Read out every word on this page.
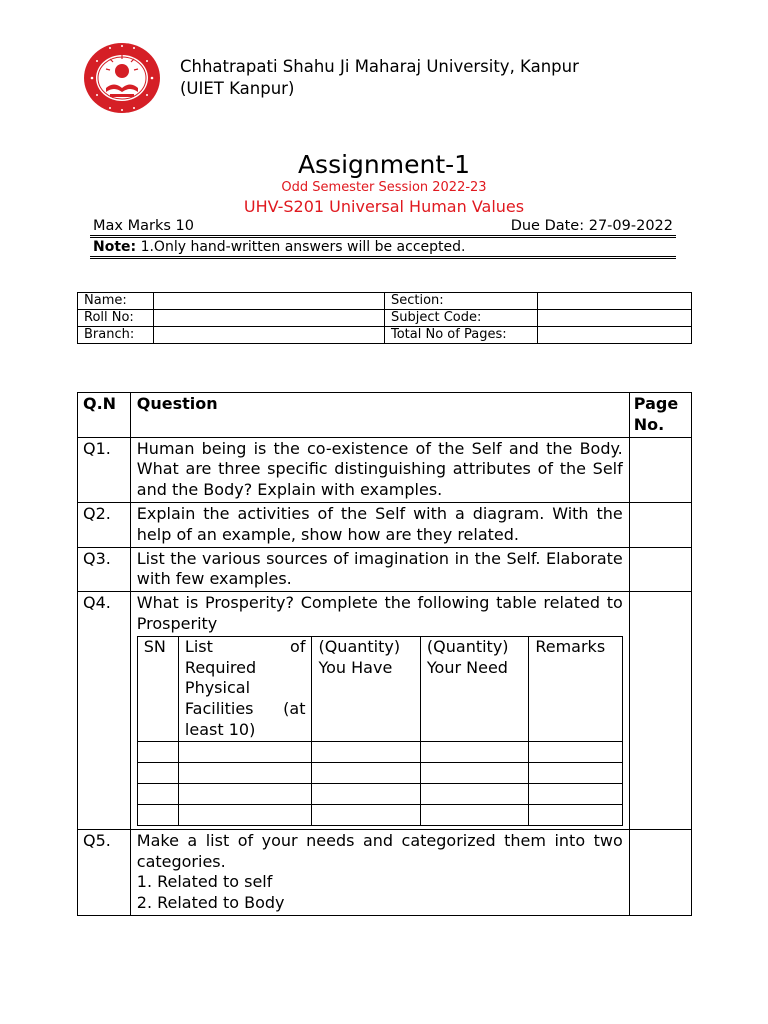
Chhatrapati Shahu Ji Maharaj University, Kanpur
(UIET Kanpur)
Assignment-1
Odd Semester Session 2022-23
UHV-S201 Universal Human Values
Max Marks 10	Due Date: 27-09-2022
Note: 1.Only hand-written answers will be accepted.
Name:		Section:	
Roll No:		Subject Code:	
Branch:		Total No of Pages:	
Q.N	Question	Page No.
Q1.	Human being is the co-existence of the Self and the Body. What are three specific distinguishing attributes of the Self and the Body? Explain with examples.	
Q2.	Explain the activities of the Self with a diagram. With the help of an example, show how are they related.	
Q3.	List the various sources of imagination in the Self. Elaborate with few examples.	
Q4.	What is Prosperity? Complete the following table related to Prosperity
SN	List of Required Physical Facilities (at least 10)	(Quantity) You Have	(Quantity) Your Need	Remarks

Q5.	Make a list of your needs and categorized them into two categories.
1. Related to self
2. Related to Body
